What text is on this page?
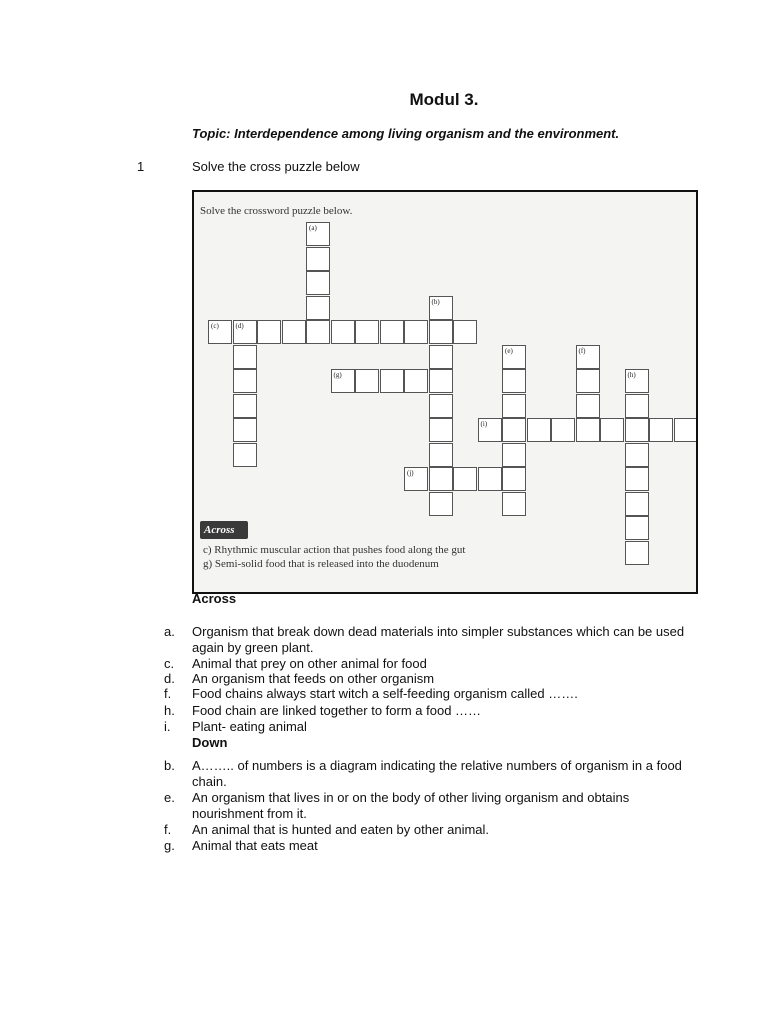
Modul 3.
Topic: Interdependence among living organism and the environment.
1	Solve the cross puzzle below
Solve the crossword puzzle below.
(a)
(c) (d)
(b)
(g)
(e)	(f)
(h)
(i)
(j)
Across
c) Rhythmic muscular action that pushes food along the gut
g) Semi-solid food that is released into the duodenum
Across
a. Organism that break down dead materials into simpler substances which can be used again by green plant.
c. Animal that prey on other animal for food
d. An organism that feeds on other organism
f. Food chains always start witch a self-feeding organism called …….
h. Food chain are linked together to form a food ……
i. Plant- eating animal
Down
b. A…….. of numbers is a diagram indicating the relative numbers of organism in a food chain.
e. An organism that lives in or on the body of other living organism and obtains nourishment from it.
f. An animal that is hunted and eaten by other animal.
g. Animal that eats meat
